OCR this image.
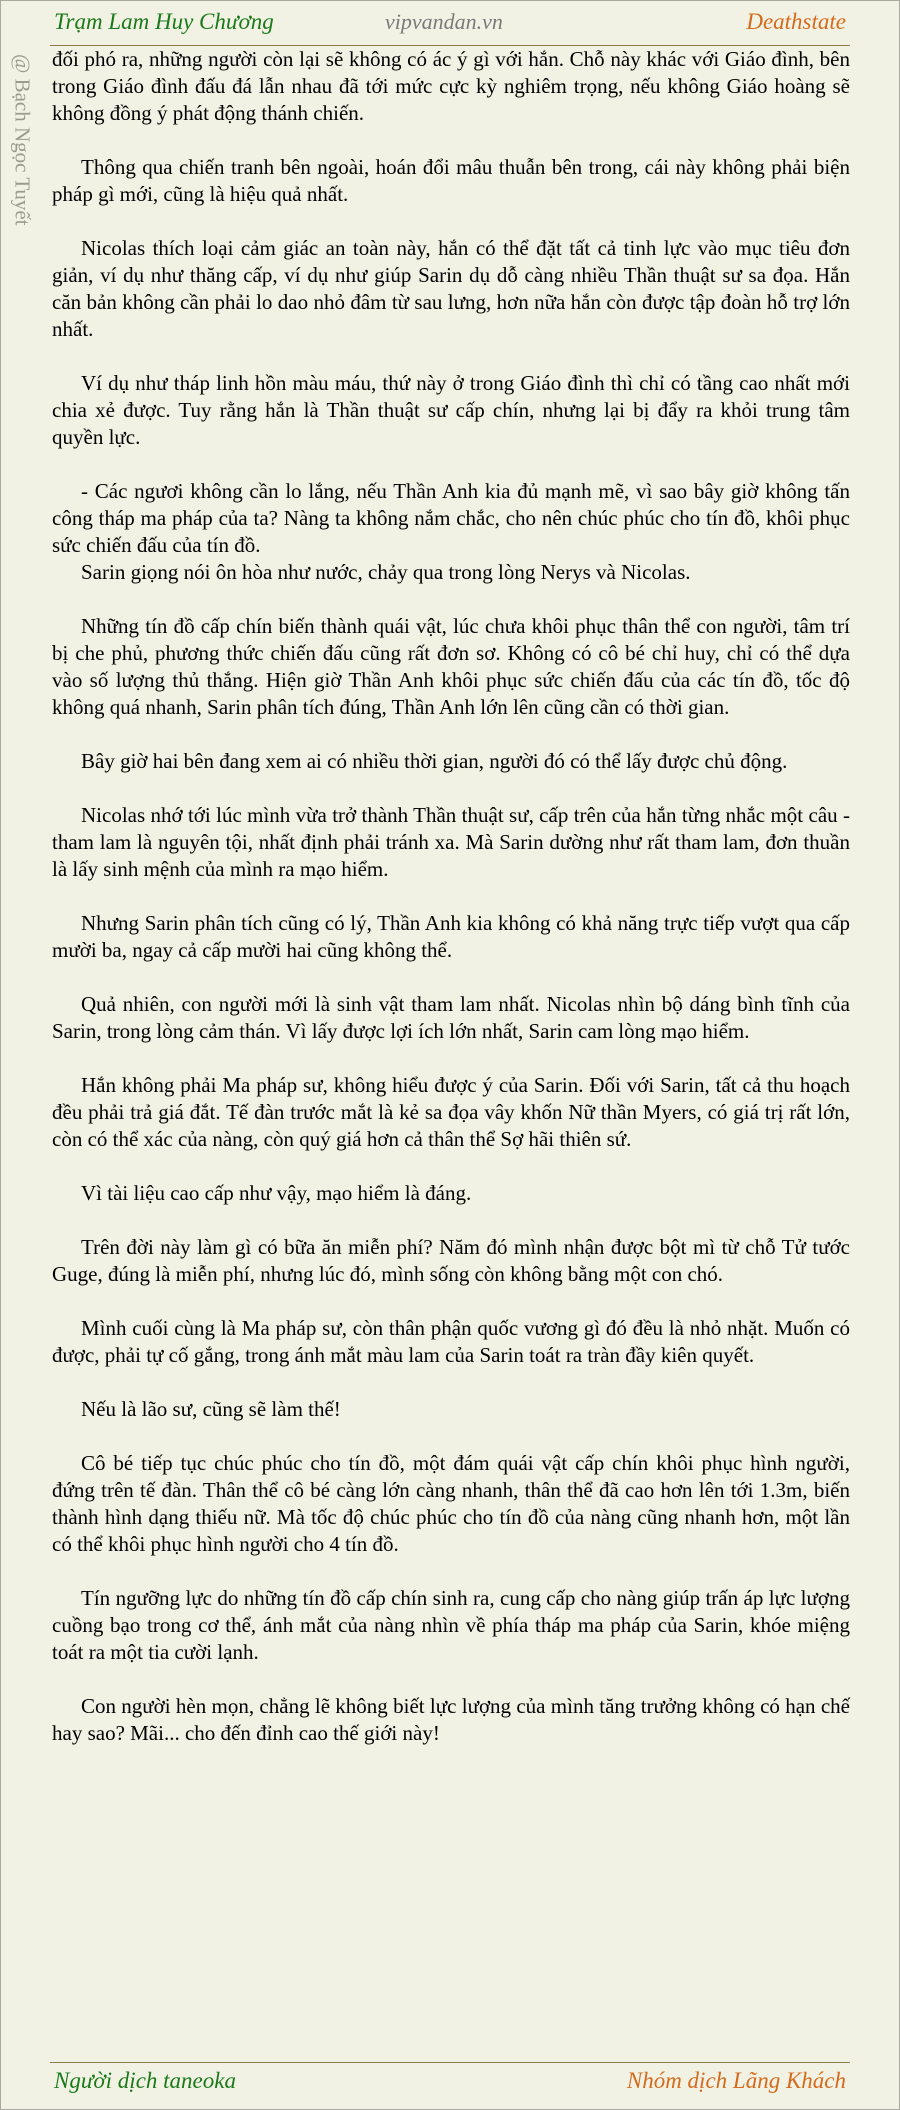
Trạm Lam Huy Chương	vipvandan.vn	Deathstate
@ Bạch Ngọc Tuyết đối phó ra, những người còn lại sẽ không có ác ý gì với hắn. Chỗ này khác với Giáo đình, bên trong Giáo đình đấu đá lẫn nhau đã tới mức cực kỳ nghiêm trọng, nếu không Giáo hoàng sẽ không đồng ý phát động thánh chiến.

Thông qua chiến tranh bên ngoài, hoán đổi mâu thuẫn bên trong, cái này không phải biện pháp gì mới, cũng là hiệu quả nhất.

Nicolas thích loại cảm giác an toàn này, hắn có thể đặt tất cả tinh lực vào mục tiêu đơn giản, ví dụ như thăng cấp, ví dụ như giúp Sarin dụ dỗ càng nhiều Thần thuật sư sa đọa. Hắn căn bản không cần phải lo dao nhỏ đâm từ sau lưng, hơn nữa hắn còn được tập đoàn hỗ trợ lớn nhất.

Ví dụ như tháp linh hồn màu máu, thứ này ở trong Giáo đình thì chỉ có tầng cao nhất mới chia xẻ được. Tuy rằng hắn là Thần thuật sư cấp chín, nhưng lại bị đẩy ra khỏi trung tâm quyền lực.

- Các ngươi không cần lo lắng, nếu Thần Anh kia đủ mạnh mẽ, vì sao bây giờ không tấn công tháp ma pháp của ta? Nàng ta không nắm chắc, cho nên chúc phúc cho tín đồ, khôi phục sức chiến đấu của tín đồ.

Sarin giọng nói ôn hòa như nước, chảy qua trong lòng Nerys và Nicolas.

Những tín đồ cấp chín biến thành quái vật, lúc chưa khôi phục thân thể con người, tâm trí bị che phủ, phương thức chiến đấu cũng rất đơn sơ. Không có cô bé chỉ huy, chỉ có thể dựa vào số lượng thủ thắng. Hiện giờ Thần Anh khôi phục sức chiến đấu của các tín đồ, tốc độ không quá nhanh, Sarin phân tích đúng, Thần Anh lớn lên cũng cần có thời gian.

Bây giờ hai bên đang xem ai có nhiều thời gian, người đó có thể lấy được chủ động.

Nicolas nhớ tới lúc mình vừa trở thành Thần thuật sư, cấp trên của hắn từng nhắc một câu - tham lam là nguyên tội, nhất định phải tránh xa. Mà Sarin dường như rất tham lam, đơn thuần là lấy sinh mệnh của mình ra mạo hiểm.

Nhưng Sarin phân tích cũng có lý, Thần Anh kia không có khả năng trực tiếp vượt qua cấp mười ba, ngay cả cấp mười hai cũng không thể.

Quả nhiên, con người mới là sinh vật tham lam nhất. Nicolas nhìn bộ dáng bình tĩnh của Sarin, trong lòng cảm thán. Vì lấy được lợi ích lớn nhất, Sarin cam lòng mạo hiểm.

Hắn không phải Ma pháp sư, không hiểu được ý của Sarin. Đối với Sarin, tất cả thu hoạch đều phải trả giá đắt. Tế đàn trước mắt là kẻ sa đọa vây khốn Nữ thần Myers, có giá trị rất lớn, còn có thể xác của nàng, còn quý giá hơn cả thân thể Sợ hãi thiên sứ.

Vì tài liệu cao cấp như vậy, mạo hiểm là đáng.

Trên đời này làm gì có bữa ăn miễn phí? Năm đó mình nhận được bột mì từ chỗ Tử tước Guge, đúng là miễn phí, nhưng lúc đó, mình sống còn không bằng một con chó.

Mình cuối cùng là Ma pháp sư, còn thân phận quốc vương gì đó đều là nhỏ nhặt. Muốn có được, phải tự cố gắng, trong ánh mắt màu lam của Sarin toát ra tràn đầy kiên quyết.

Nếu là lão sư, cũng sẽ làm thế!

Cô bé tiếp tục chúc phúc cho tín đồ, một đám quái vật cấp chín khôi phục hình người, đứng trên tế đàn. Thân thể cô bé càng lớn càng nhanh, thân thể đã cao hơn lên tới 1.3m, biến thành hình dạng thiếu nữ. Mà tốc độ chúc phúc cho tín đồ của nàng cũng nhanh hơn, một lần có thể khôi phục hình người cho 4 tín đồ.

Tín ngưỡng lực do những tín đồ cấp chín sinh ra, cung cấp cho nàng giúp trấn áp lực lượng cuồng bạo trong cơ thể, ánh mắt của nàng nhìn về phía tháp ma pháp của Sarin, khóe miệng toát ra một tia cười lạnh.

Con người hèn mọn, chẳng lẽ không biết lực lượng của mình tăng trưởng không có hạn chế hay sao? Mãi... cho đến đỉnh cao thế giới này!

Người dịch taneoka	Nhóm dịch Lãng Khách
